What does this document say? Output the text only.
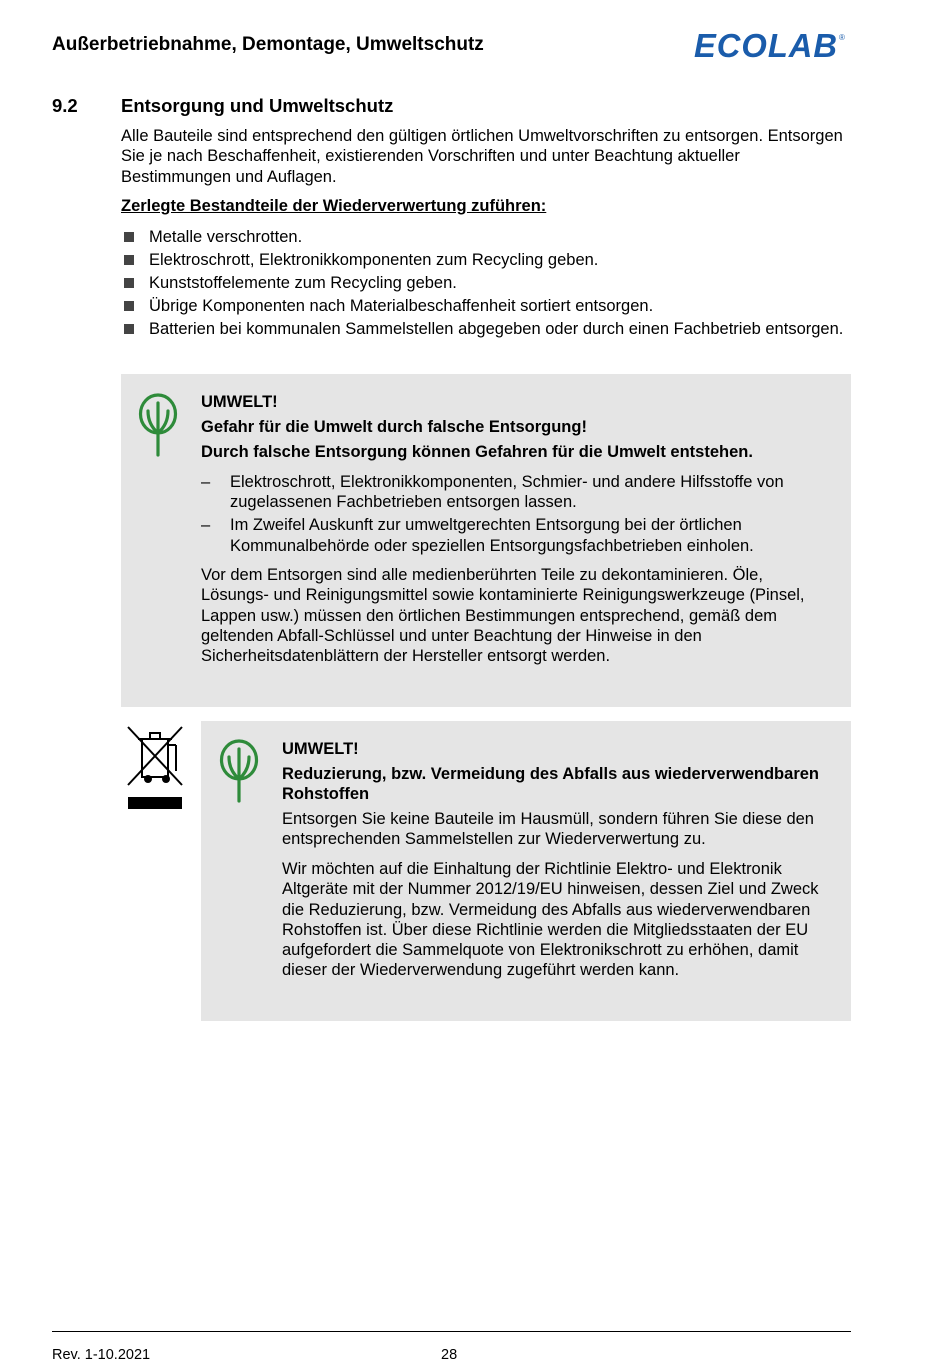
Außerbetriebnahme, Demontage, Umweltschutz	ECOLAB ®
9.2 Entsorgung und Umweltschutz
Alle Bauteile sind entsprechend den gültigen örtlichen Umweltvorschriften zu entsorgen. Entsorgen Sie je nach Beschaffenheit, existierenden Vorschriften und unter Beachtung aktueller Bestimmungen und Auflagen.
Zerlegte Bestandteile der Wiederverwertung zuführen:
Metalle verschrotten.
Elektroschrott, Elektronikkomponenten zum Recycling geben.
Kunststoffelemente zum Recycling geben.
Übrige Komponenten nach Materialbeschaffenheit sortiert entsorgen.
Batterien bei kommunalen Sammelstellen abgegeben oder durch einen Fachbetrieb entsorgen.
UMWELT!
Gefahr für die Umwelt durch falsche Entsorgung!
Durch falsche Entsorgung können Gefahren für die Umwelt entstehen.
– Elektroschrott, Elektronikkomponenten, Schmier- und andere Hilfsstoffe von zugelassenen Fachbetrieben entsorgen lassen.
– Im Zweifel Auskunft zur umweltgerechten Entsorgung bei der örtlichen Kommunalbehörde oder speziellen Entsorgungsfachbetrieben einholen.
Vor dem Entsorgen sind alle medienberührten Teile zu dekontaminieren. Öle, Lösungs- und Reinigungsmittel sowie kontaminierte Reinigungswerkzeuge (Pinsel, Lappen usw.) müssen den örtlichen Bestimmungen entsprechend, gemäß dem geltenden Abfall-Schlüssel und unter Beachtung der Hinweise in den Sicherheitsdatenblättern der Hersteller entsorgt werden.
UMWELT!
Reduzierung, bzw. Vermeidung des Abfalls aus wiederverwendbaren Rohstoffen
Entsorgen Sie keine Bauteile im Hausmüll, sondern führen Sie diese den entsprechenden Sammelstellen zur Wiederverwertung zu.
Wir möchten auf die Einhaltung der Richtlinie Elektro- und Elektronik Altgeräte mit der Nummer 2012/19/EU hinweisen, dessen Ziel und Zweck die Reduzierung, bzw. Vermeidung des Abfalls aus wiederverwendbaren Rohstoffen ist. Über diese Richtlinie werden die Mitgliedsstaaten der EU aufgefordert die Sammelquote von Elektronikschrott zu erhöhen, damit dieser der Wiederverwendung zugeführt werden kann.
Rev. 1-10.2021	28
